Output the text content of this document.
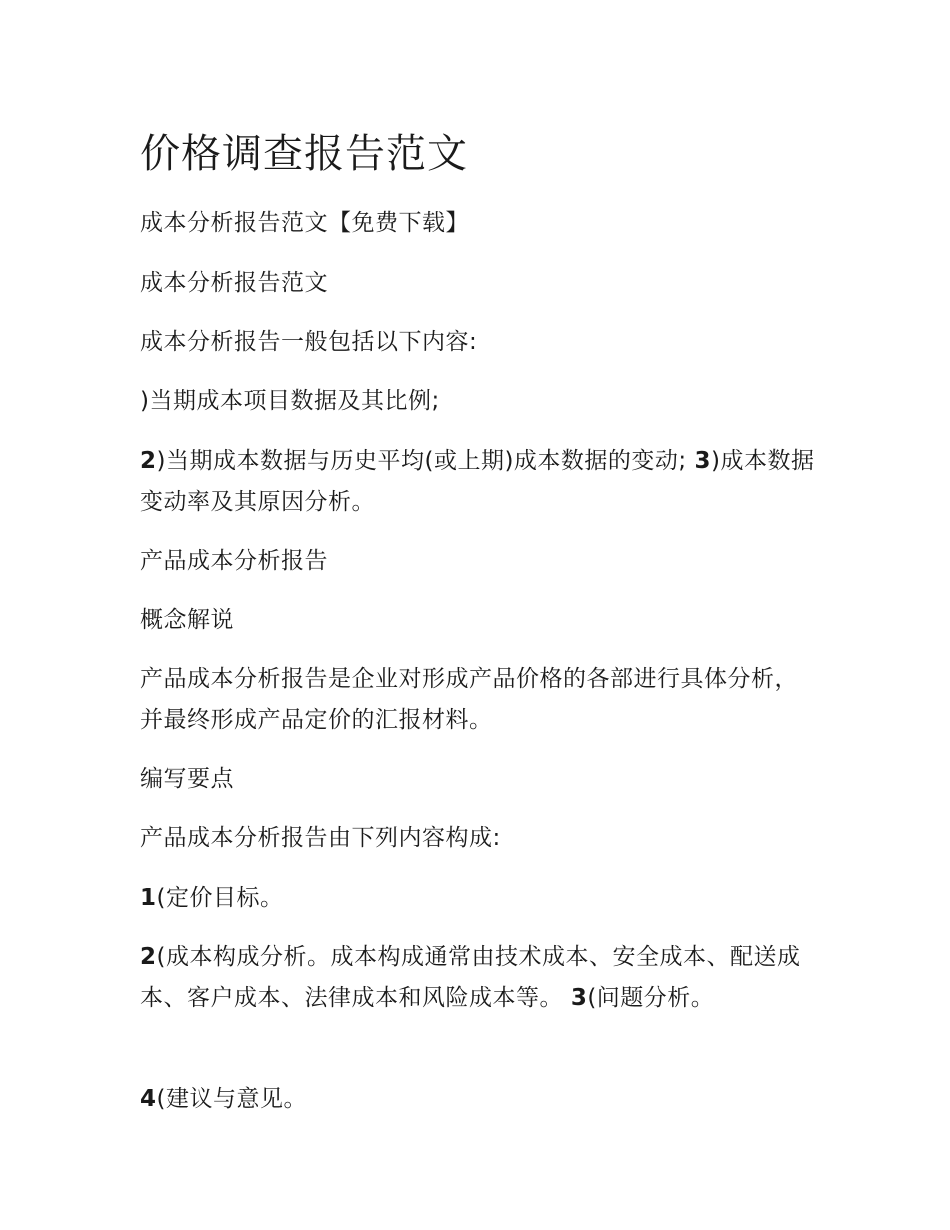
价格调查报告范文

成本分析报告范文【免费下载】

成本分析报告范文

成本分析报告一般包括以下内容:

)当期成本项目数据及其比例;

2)当期成本数据与历史平均(或上期)成本数据的变动; 3)成本数据变动率及其原因分析。

产品成本分析报告

概念解说

产品成本分析报告是企业对形成产品价格的各部进行具体分析，并最终形成产品定价的汇报材料。

编写要点

产品成本分析报告由下列内容构成:

1(定价目标。

2(成本构成分析。成本构成通常由技术成本、安全成本、配送成本、客户成本、法律成本和风险成本等。 3(问题分析。

4(建议与意见。
